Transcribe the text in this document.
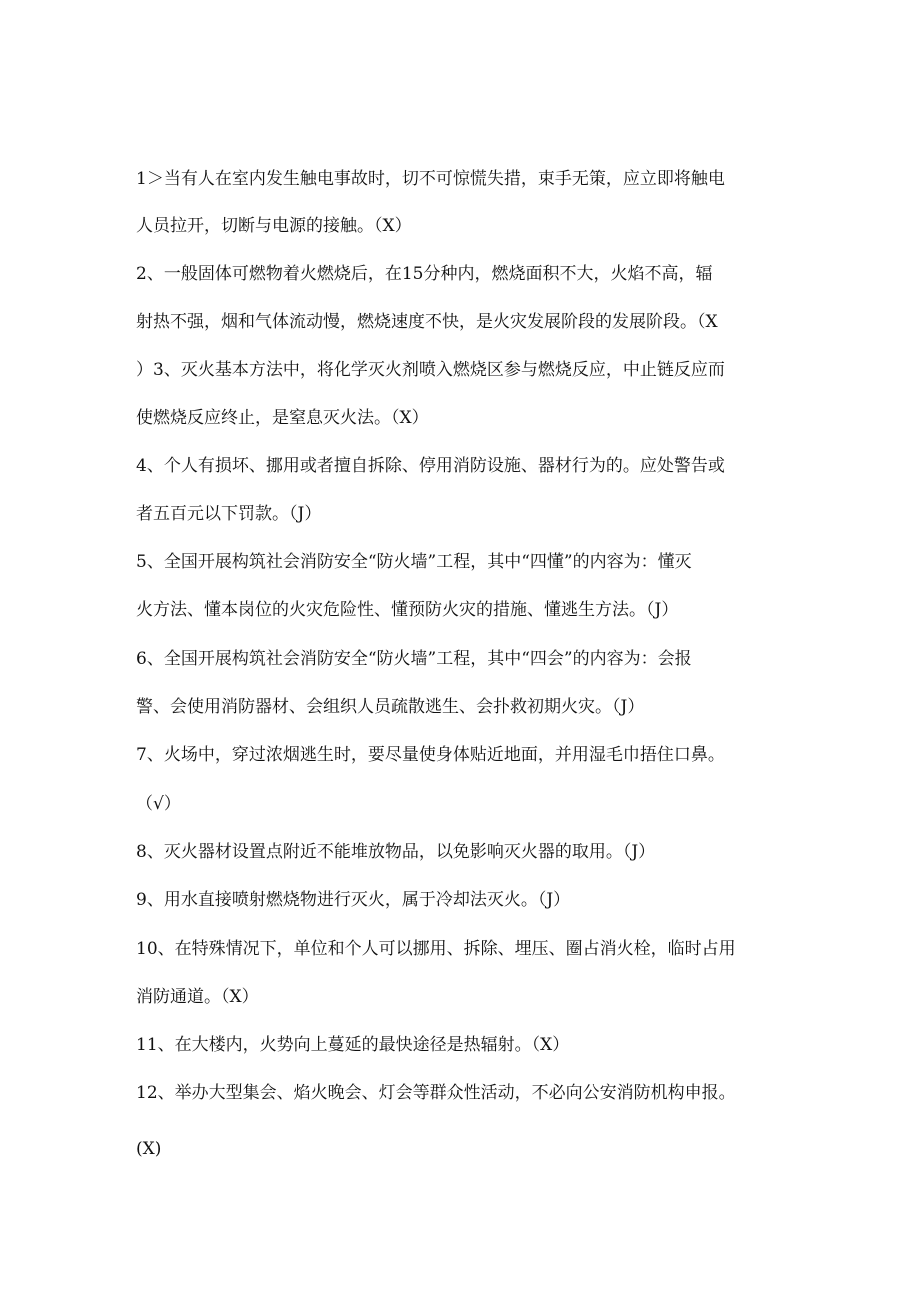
1＞当有人在室内发生触电事故时，切不可惊慌失措，束手无策，应立即将触电
人员拉开，切断与电源的接触。（X）
2、一般固体可燃物着火燃烧后，在15分种内，燃烧面积不大，火焰不高，辐
射热不强，烟和气体流动慢，燃烧速度不快，是火灾发展阶段的发展阶段。（X
）3、灭火基本方法中，将化学灭火剂喷入燃烧区参与燃烧反应，中止链反应而
使燃烧反应终止，是窒息灭火法。（X）
4、个人有损坏、挪用或者擅自拆除、停用消防设施、器材行为的。应处警告或
者五百元以下罚款。（J）
5、全国开展构筑社会消防安全“防火墙”工程，其中“四懂”的内容为：懂灭
火方法、懂本岗位的火灾危险性、懂预防火灾的措施、懂逃生方法。（J）
6、全国开展构筑社会消防安全“防火墙”工程，其中“四会”的内容为：会报
警、会使用消防器材、会组织人员疏散逃生、会扑救初期火灾。（J）
7、火场中，穿过浓烟逃生时，要尽量使身体贴近地面，并用湿毛巾捂住口鼻。
（√）
8、灭火器材设置点附近不能堆放物品，以免影响灭火器的取用。（J）
9、用水直接喷射燃烧物进行灭火，属于冷却法灭火。（J）
10、在特殊情况下，单位和个人可以挪用、拆除、埋压、圈占消火栓，临时占用
消防通道。（X）
11、在大楼内，火势向上蔓延的最快途径是热辐射。（X）
12、举办大型集会、焰火晚会、灯会等群众性活动，不必向公安消防机构申报。
(X)
